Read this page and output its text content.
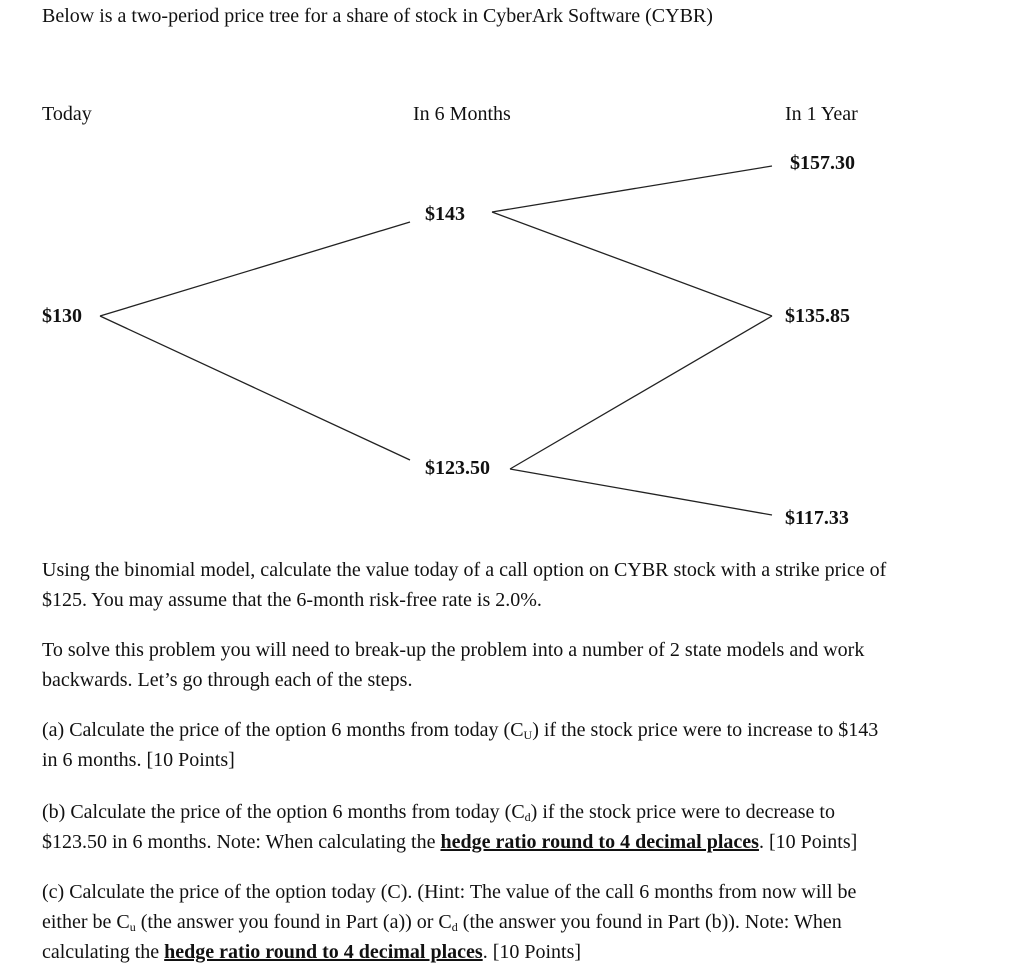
Below is a two-period price tree for a share of stock in CyberArk Software (CYBR)
Today	In 6 Months	In 1 Year
$130
$143
$123.50
$157.30
$135.85
$117.33

Using the binomial model, calculate the value today of a call option on CYBR stock with a strike price of

$125. You may assume that the 6-month risk-free rate is 2.0%.

To solve this problem you will need to break-up the problem into a number of 2 state models and work

backwards. Let’s go through each of the steps.

(a) Calculate the price of the option 6 months from today $(C_U)$ if the stock price were to increase to $143

in 6 months. [10 Points]

(b) Calculate the price of the option 6 months from today $(C_d)$ if the stock price were to decrease to

$123.50 in 6 months. Note: When calculating the hedge ratio round to 4 decimal places. [10 Points]

(c) Calculate the price of the option today (C). (Hint: The value of the call 6 months from now will be

either be $C_u$ (the answer you found in Part (a)) or $C_d$ (the answer you found in Part (b)). Note: When

calculating the hedge ratio round to 4 decimal places. [10 Points]
